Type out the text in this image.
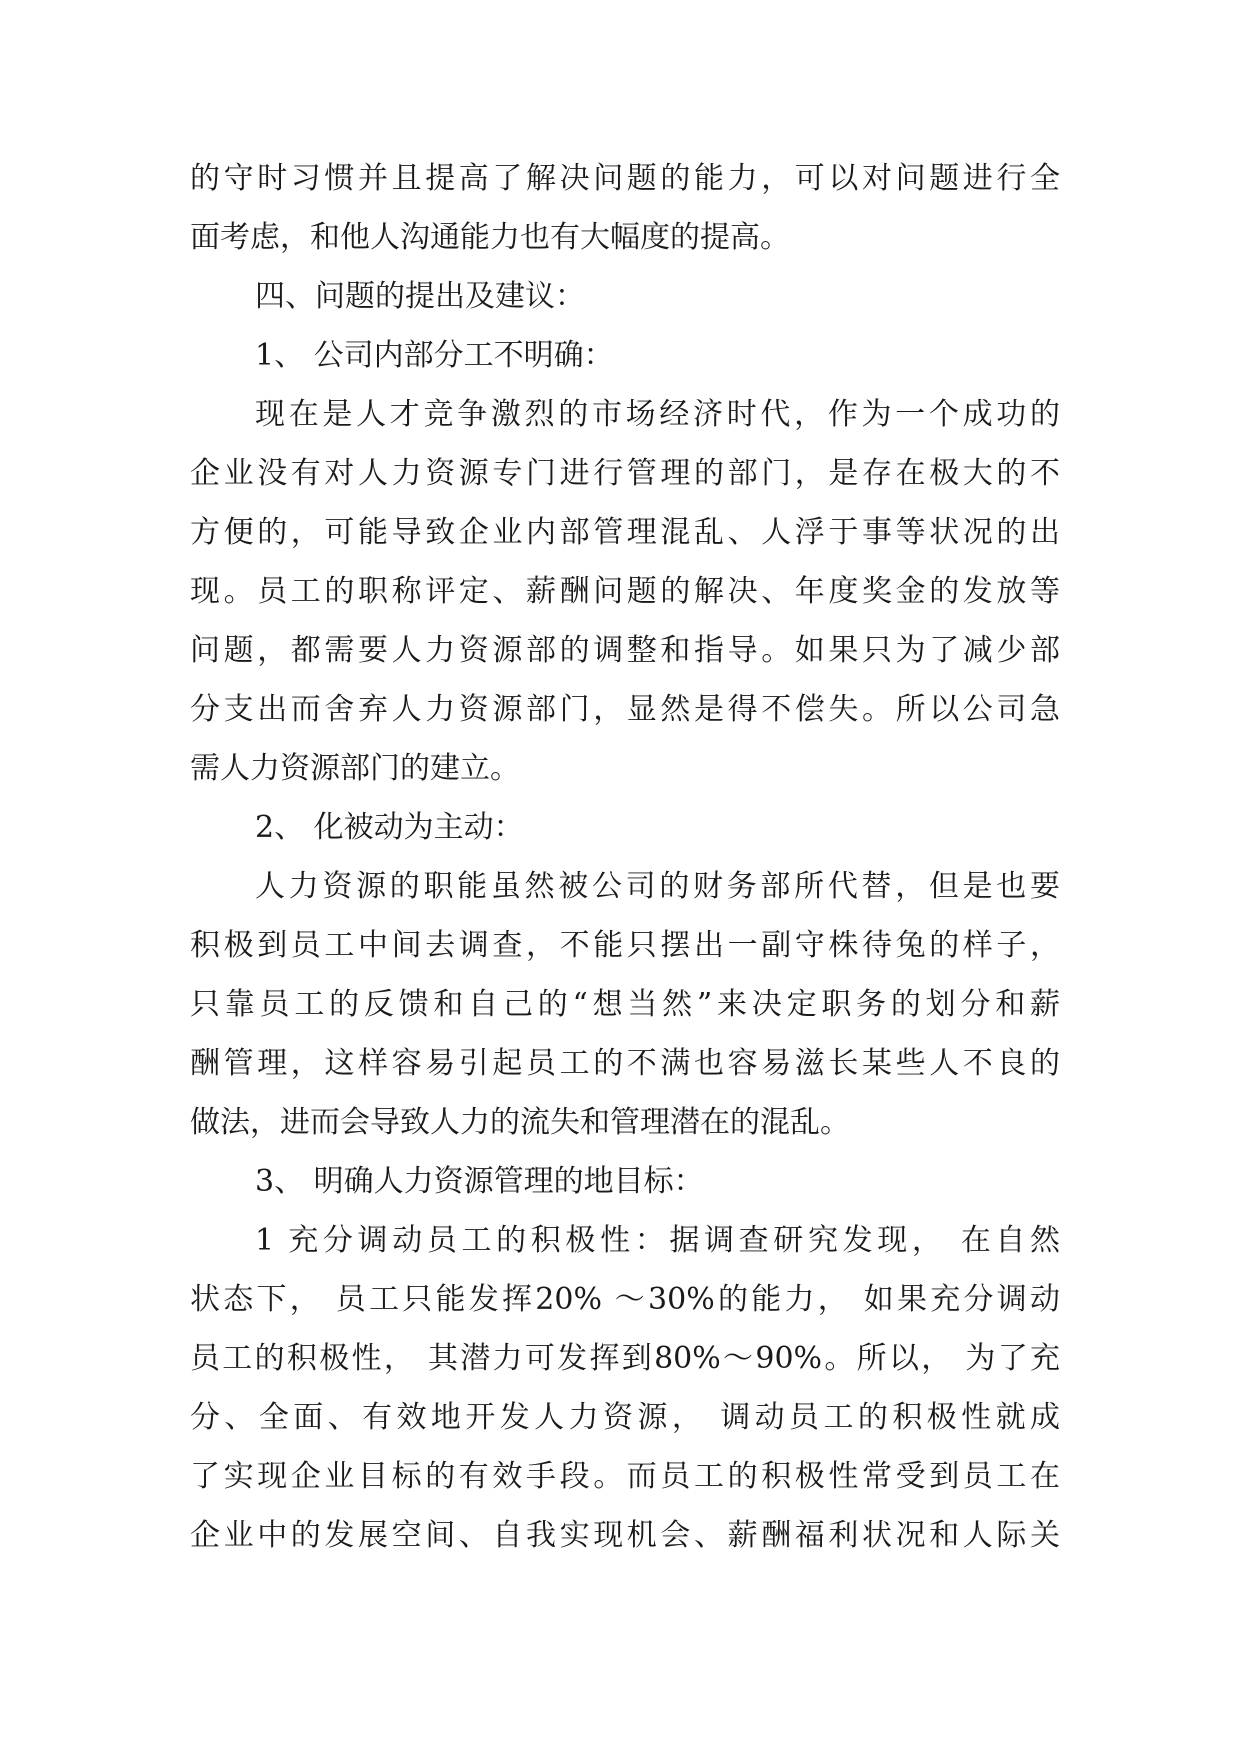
的守时习惯并且提高了解决问题的能力，可以对问题进行全
面考虑，和他人沟通能力也有大幅度的提高。
四、问题的提出及建议：
1、 公司内部分工不明确：
现在是人才竞争激烈的市场经济时代，作为一个成功的
企业没有对人力资源专门进行管理的部门，是存在极大的不
方便的，可能导致企业内部管理混乱、人浮于事等状况的出
现。员工的职称评定、薪酬问题的解决、年度奖金的发放等
问题，都需要人力资源部的调整和指导。如果只为了减少部
分支出而舍弃人力资源部门，显然是得不偿失。所以公司急
需人力资源部门的建立。
2、 化被动为主动：
人力资源的职能虽然被公司的财务部所代替，但是也要
积极到员工中间去调查，不能只摆出一副守株待兔的样子，
只靠员工的反馈和自己的“想当然”来决定职务的划分和薪
酬管理，这样容易引起员工的不满也容易滋长某些人不良的
做法，进而会导致人力的流失和管理潜在的混乱。
3、 明确人力资源管理的地目标：
1 充分调动员工的积极性：据调查研究发现， 在自然
状态下， 员工只能发挥20% ～30%的能力， 如果充分调动
员工的积极性， 其潜力可发挥到80%～90%。所以， 为了充
分、全面、有效地开发人力资源， 调动员工的积极性就成
了实现企业目标的有效手段。而员工的积极性常受到员工在
企业中的发展空间、自我实现机会、薪酬福利状况和人际关
